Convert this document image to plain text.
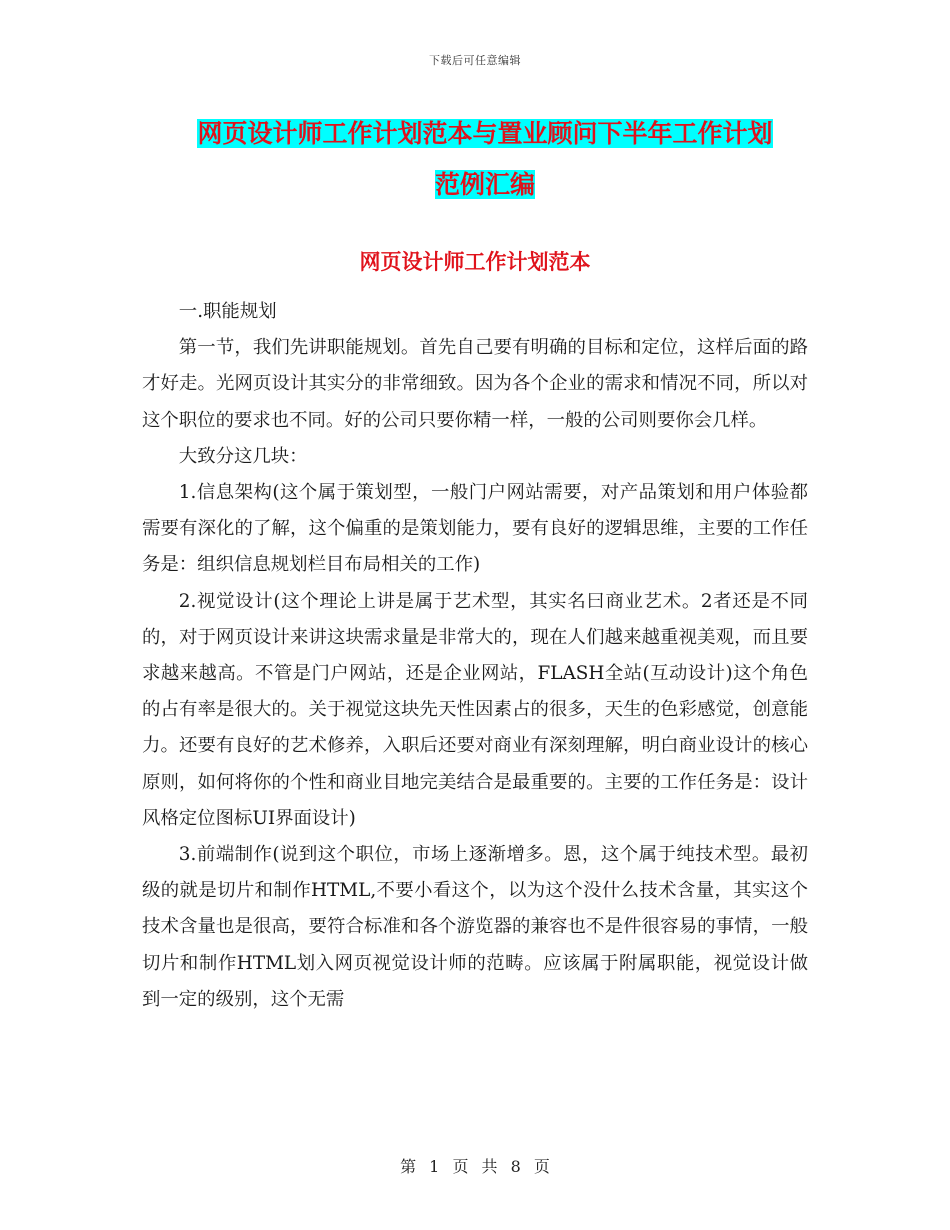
下载后可任意编辑
网页设计师工作计划范本与置业顾问下半年工作计划
范例汇编
网页设计师工作计划范本

一.职能规划

第一节，我们先讲职能规划。首先自己要有明确的目标和定位，这样后面的路才好走。光网页设计其实分的非常细致。因为各个企业的需求和情况不同，所以对这个职位的要求也不同。好的公司只要你精一样，一般的公司则要你会几样。

大致分这几块：

1.信息架构(这个属于策划型，一般门户网站需要，对产品策划和用户体验都需要有深化的了解，这个偏重的是策划能力，要有良好的逻辑思维，主要的工作任务是：组织信息规划栏目布局相关的工作)

2.视觉设计(这个理论上讲是属于艺术型，其实名曰商业艺术。2者还是不同的，对于网页设计来讲这块需求量是非常大的，现在人们越来越重视美观，而且要求越来越高。不管是门户网站，还是企业网站，FLASH全站(互动设计)这个角色的占有率是很大的。关于视觉这块先天性因素占的很多，天生的色彩感觉，创意能力。还要有良好的艺术修养，入职后还要对商业有深刻理解，明白商业设计的核心原则，如何将你的个性和商业目地完美结合是最重要的。主要的工作任务是：设计风格定位图标UI界面设计)

3.前端制作(说到这个职位，市场上逐渐增多。恩，这个属于纯技术型。最初级的就是切片和制作HTML,不要小看这个，以为这个没什么技术含量，其实这个技术含量也是很高，要符合标准和各个游览器的兼容也不是件很容易的事情，一般切片和制作HTML划入网页视觉设计师的范畴。应该属于附属职能，视觉设计做到一定的级别，这个无需

第 1 页 共 8 页
